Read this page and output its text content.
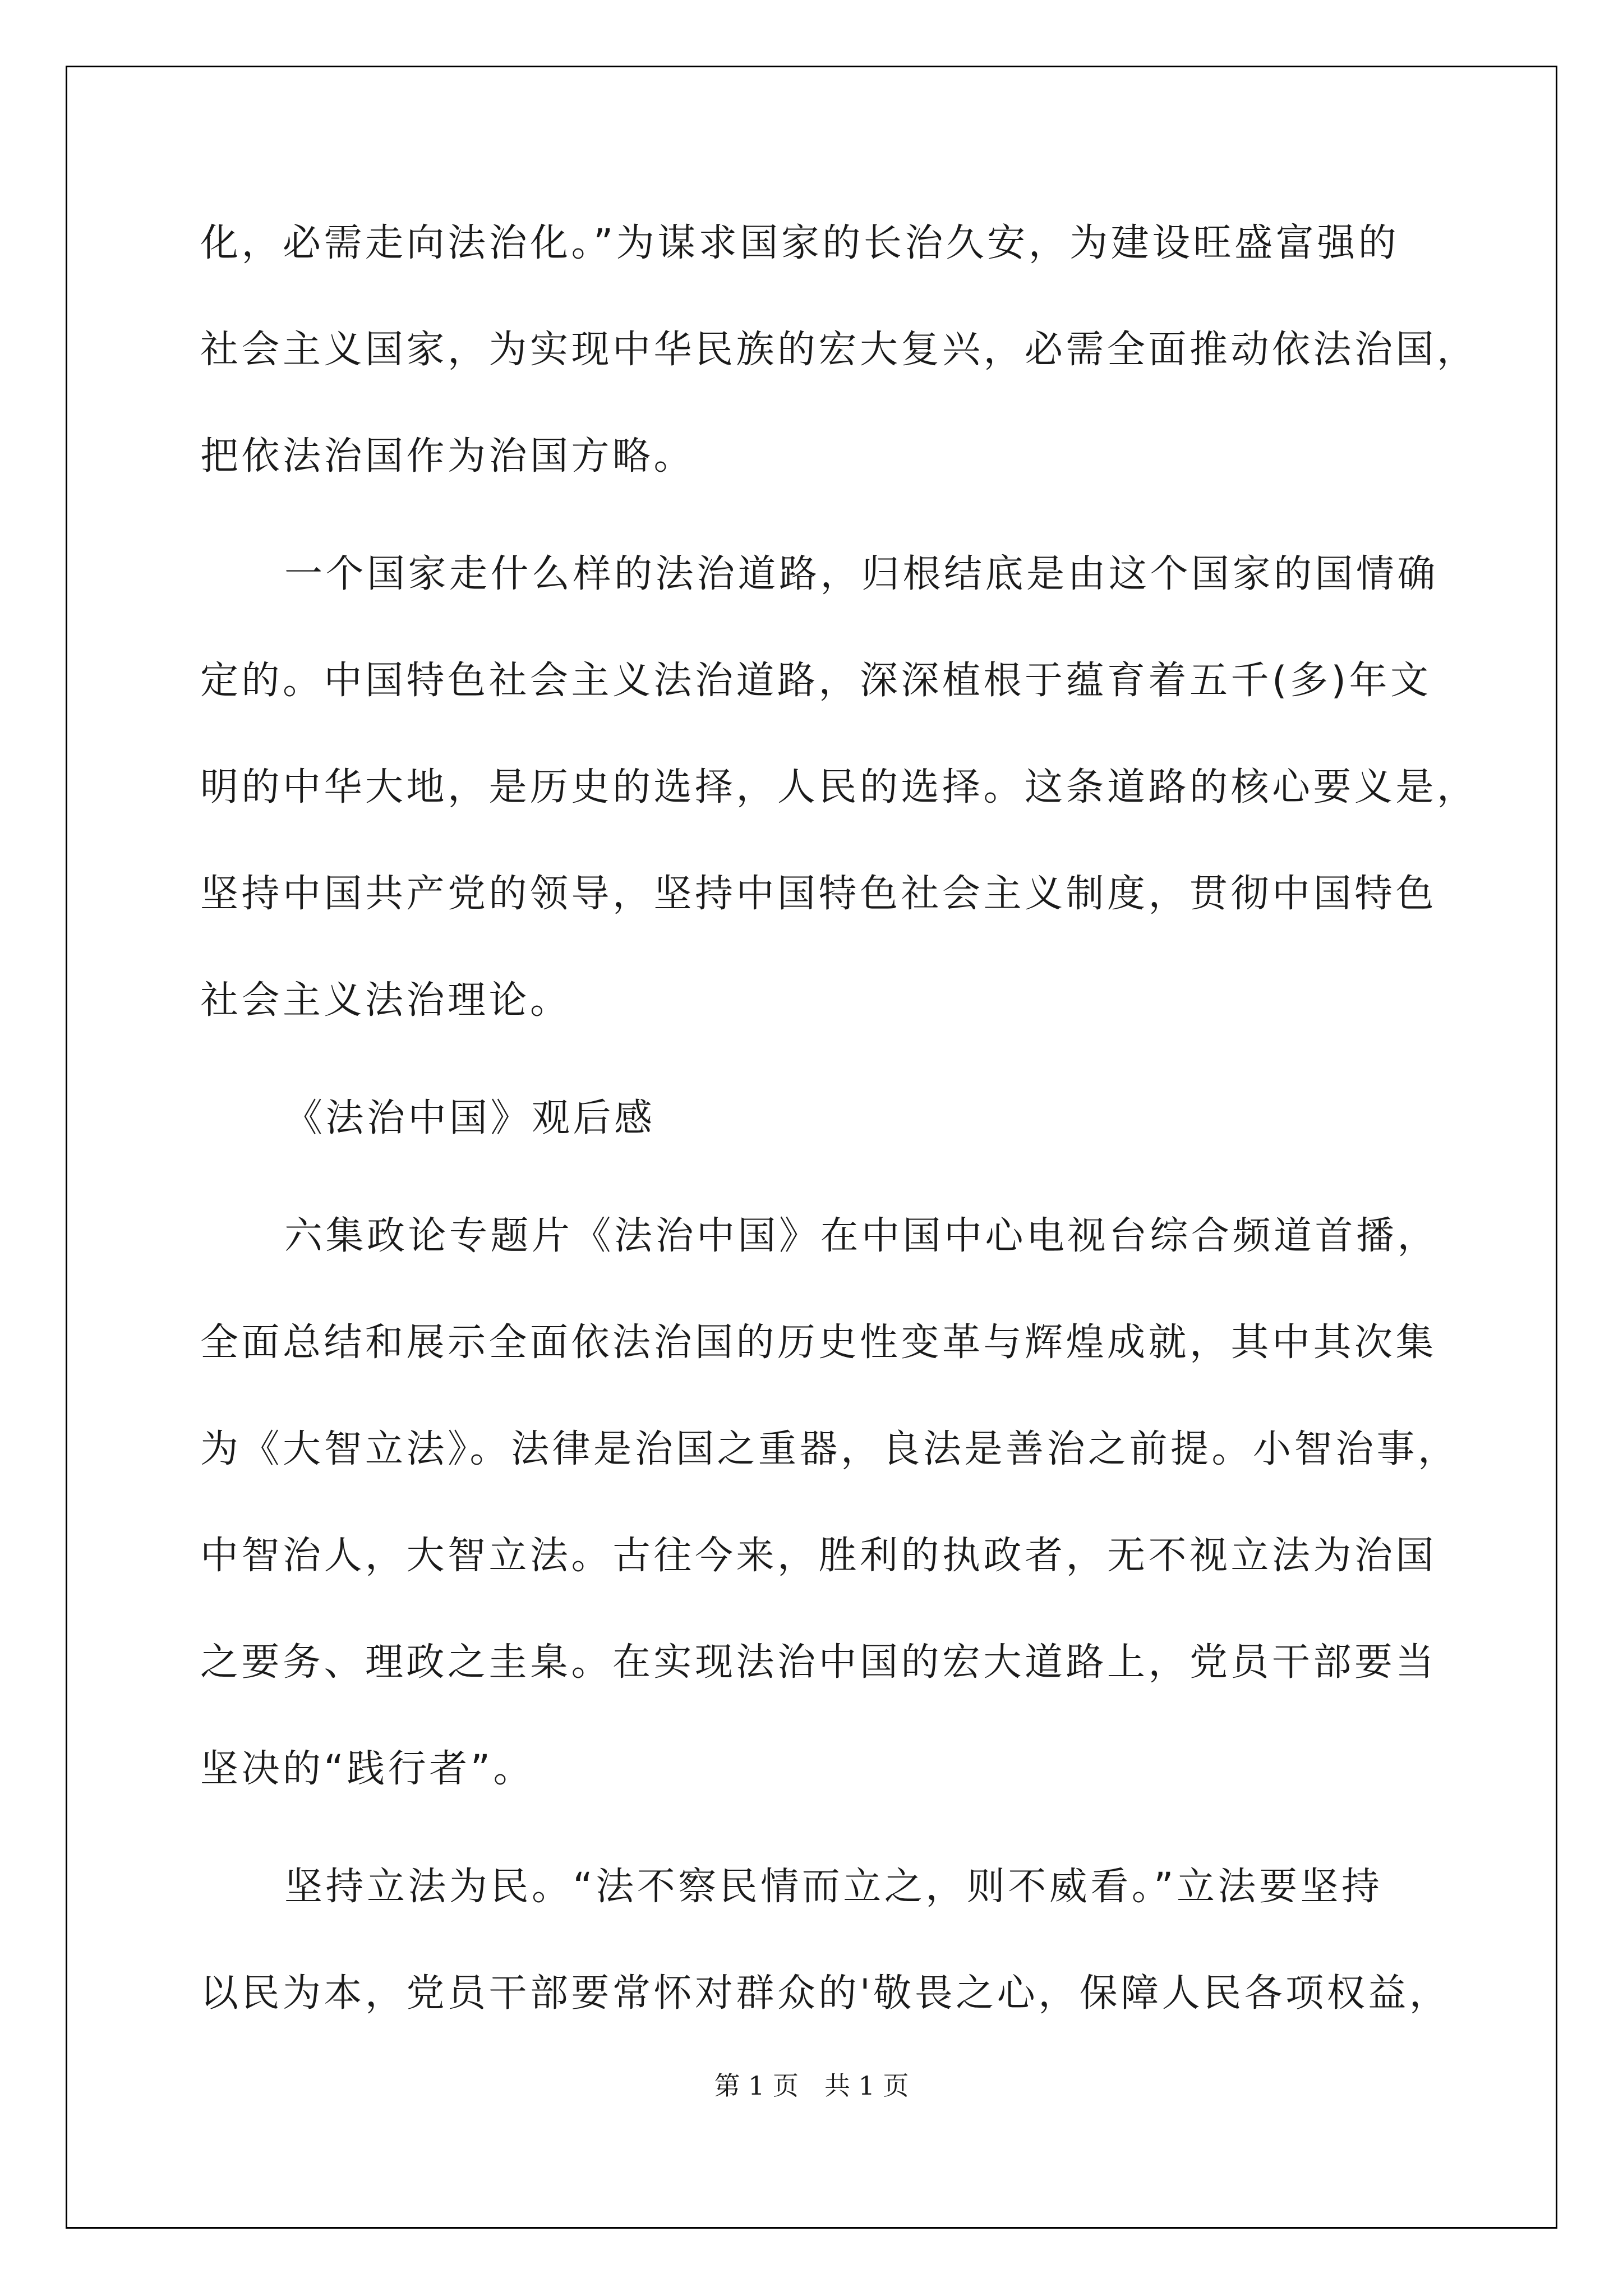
化，必需走向法治化。”为谋求国家的长治久安，为建设旺盛富强的
社会主义国家，为实现中华民族的宏大复兴，必需全面推动依法治国，
把依法治国作为治国方略。
一个国家走什么样的法治道路，归根结底是由这个国家的国情确
定的。中国特色社会主义法治道路，深深植根于蕴育着五千(多)年文
明的中华大地，是历史的选择，人民的选择。这条道路的核心要义是，
坚持中国共产党的领导，坚持中国特色社会主义制度，贯彻中国特色
社会主义法治理论。
《法治中国》观后感
六集政论专题片《法治中国》在中国中心电视台综合频道首播，
全面总结和展示全面依法治国的历史性变革与辉煌成就，其中其次集
为《大智立法》。法律是治国之重器，良法是善治之前提。小智治事，
中智治人，大智立法。古往今来，胜利的执政者，无不视立法为治国
之要务、理政之圭臬。在实现法治中国的宏大道路上，党员干部要当
坚决的“践行者”。
坚持立法为民。“法不察民情而立之，则不威看。”立法要坚持
以民为本，党员干部要常怀对群众的'敬畏之心，保障人民各项权益，
第 1 页　共 1 页
